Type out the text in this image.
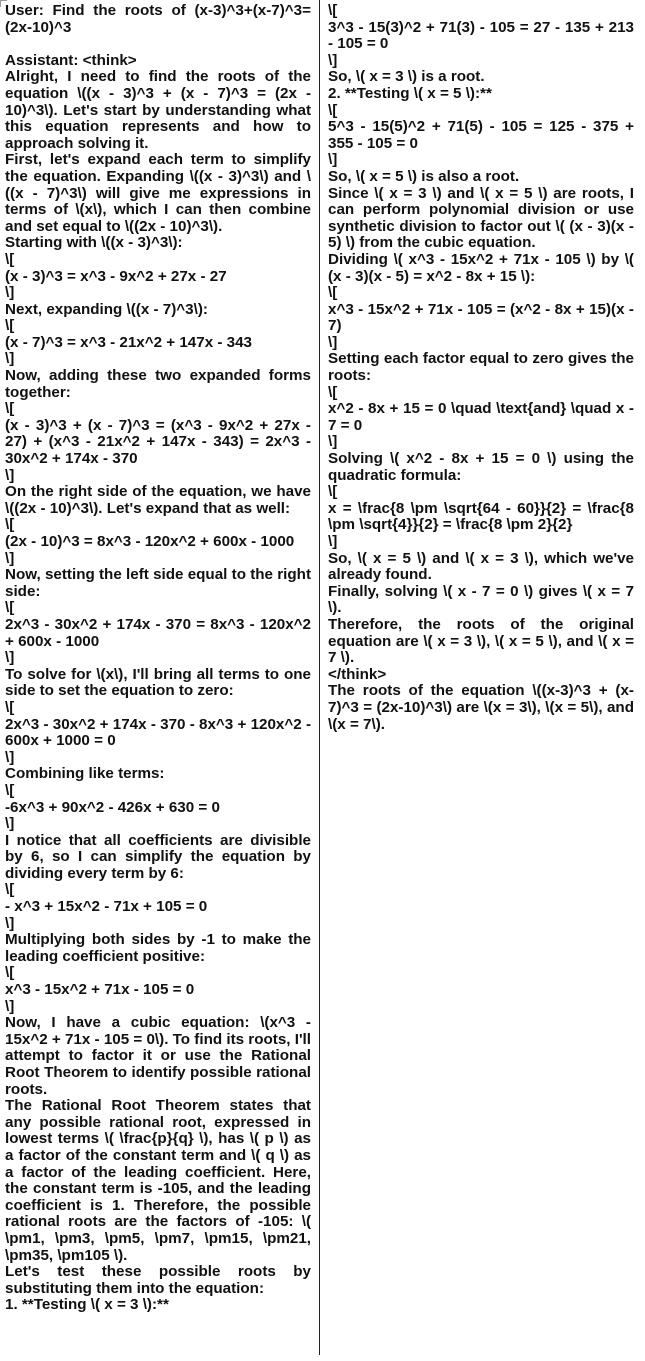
User: Find the roots of (x-3)^3+(x-7)^3=(2x-10)^3
Assistant: <think>
Alright, I need to find the roots of the equation \((x - 3)^3 + (x - 7)^3 = (2x - 10)^3\). Let's start by understanding what this equation represents and how to approach solving it.
First, let's expand each term to simplify the equation. Expanding \((x - 3)^3\) and \((x - 7)^3\) will give me expressions in terms of \(x\), which I can then combine and set equal to \((2x - 10)^3\).
Starting with \((x - 3)^3\):
\[
(x - 3)^3 = x^3 - 9x^2 + 27x - 27
\]
Next, expanding \((x - 7)^3\):
\[
(x - 7)^3 = x^3 - 21x^2 + 147x - 343
\]
Now, adding these two expanded forms together:
\[
(x - 3)^3 + (x - 7)^3 = (x^3 - 9x^2 + 27x - 27) + (x^3 - 21x^2 + 147x - 343) = 2x^3 - 30x^2 + 174x - 370
\]
On the right side of the equation, we have \((2x - 10)^3\). Let's expand that as well:
\[
(2x - 10)^3 = 8x^3 - 120x^2 + 600x - 1000
\]
Now, setting the left side equal to the right side:
\[
2x^3 - 30x^2 + 174x - 370 = 8x^3 - 120x^2 + 600x - 1000
\]
To solve for \(x\), I'll bring all terms to one side to set the equation to zero:
\[
2x^3 - 30x^2 + 174x - 370 - 8x^3 + 120x^2 - 600x + 1000 = 0
\]
Combining like terms:
\[
-6x^3 + 90x^2 - 426x + 630 = 0
\]
I notice that all coefficients are divisible by 6, so I can simplify the equation by dividing every term by 6:
\[
- x^3 + 15x^2 - 71x + 105 = 0
\]
Multiplying both sides by -1 to make the leading coefficient positive:
\[
x^3 - 15x^2 + 71x - 105 = 0
\]
Now, I have a cubic equation: \(x^3 - 15x^2 + 71x - 105 = 0\). To find its roots, I'll attempt to factor it or use the Rational Root Theorem to identify possible rational roots.
The Rational Root Theorem states that any possible rational root, expressed in lowest terms \( \frac{p}{q} \), has \( p \) as a factor of the constant term and \( q \) as a factor of the leading coefficient. Here, the constant term is -105, and the leading coefficient is 1. Therefore, the possible rational roots are the factors of -105: \( \pm1, \pm3, \pm5, \pm7, \pm15, \pm21, \pm35, \pm105 \).
Let's test these possible roots by substituting them into the equation:
1. **Testing \( x = 3 \):**
\[
3^3 - 15(3)^2 + 71(3) - 105 = 27 - 135 + 213 - 105 = 0
\]
So, \( x = 3 \) is a root.
2. **Testing \( x = 5 \):**
\[
5^3 - 15(5)^2 + 71(5) - 105 = 125 - 375 + 355 - 105 = 0
\]
So, \( x = 5 \) is also a root.
Since \( x = 3 \) and \( x = 5 \) are roots, I can perform polynomial division or use synthetic division to factor out \( (x - 3)(x - 5) \) from the cubic equation.
Dividing \( x^3 - 15x^2 + 71x - 105 \) by \( (x - 3)(x - 5) = x^2 - 8x + 15 \):
\[
x^3 - 15x^2 + 71x - 105 = (x^2 - 8x + 15)(x - 7)
\]
Setting each factor equal to zero gives the roots:
\[
x^2 - 8x + 15 = 0 \quad \text{and} \quad x - 7 = 0
\]
Solving \( x^2 - 8x + 15 = 0 \) using the quadratic formula:
\[
x = \frac{8 \pm \sqrt{64 - 60}}{2} = \frac{8 \pm \sqrt{4}}{2} = \frac{8 \pm 2}{2}
\]
So, \( x = 5 \) and \( x = 3 \), which we've already found.
Finally, solving \( x - 7 = 0 \) gives \( x = 7 \).
Therefore, the roots of the original equation are \( x = 3 \), \( x = 5 \), and \( x = 7 \).
</think>
The roots of the equation \((x-3)^3 + (x-7)^3 = (2x-10)^3\) are \(x = 3\), \(x = 5\), and \(x = 7\).
